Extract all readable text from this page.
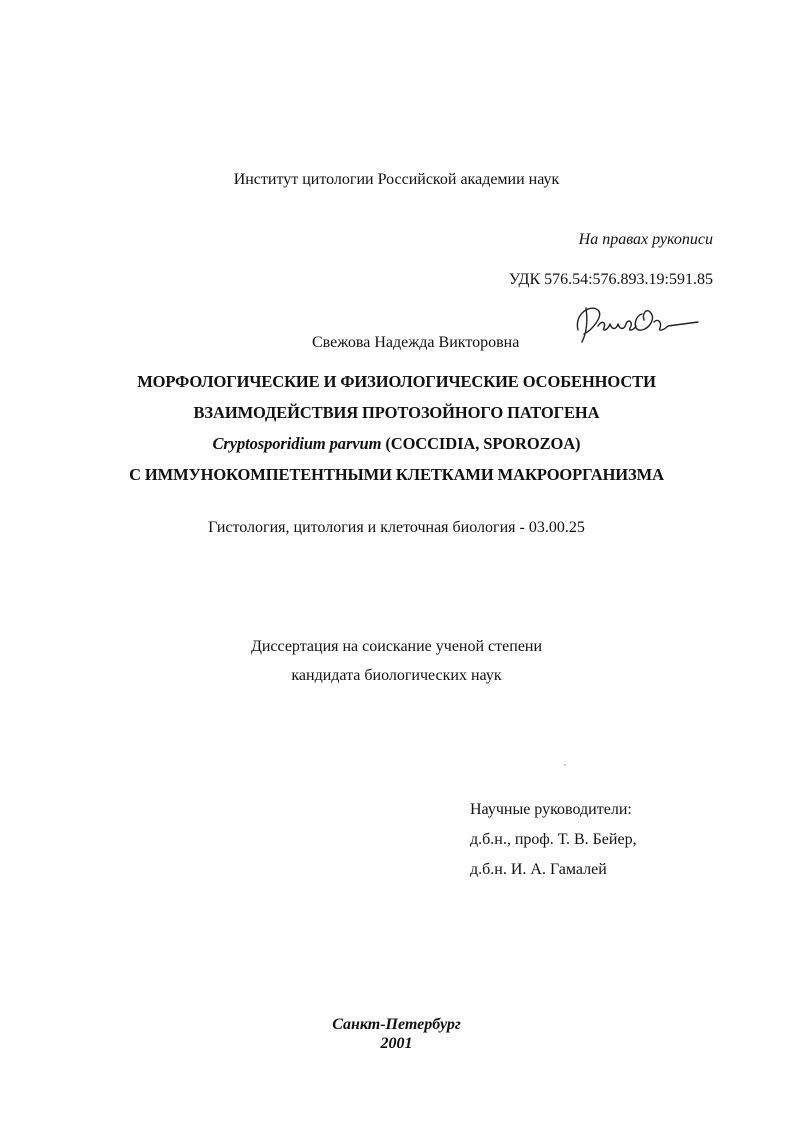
Институт цитологии Российской академии наук
На правах рукописи
УДК 576.54:576.893.19:591.85
Свежова Надежда Викторовна
МОРФОЛОГИЧЕСКИЕ И ФИЗИОЛОГИЧЕСКИЕ ОСОБЕННОСТИ
ВЗАИМОДЕЙСТВИЯ ПРОТОЗОЙНОГО ПАТОГЕНА
Cryptosporidium parvum (COCCIDIA, SPOROZOA)
С ИММУНОКОМПЕТЕНТНЫМИ КЛЕТКАМИ МАКРООРГАНИЗМА
Гистология, цитология и клеточная биология - 03.00.25
Диссертация на соискание ученой степени
кандидата биологических наук
Научные руководители:
д.б.н., проф. Т. В. Бейер,
д.б.н. И. А. Гамалей
Санкт-Петербург
2001
